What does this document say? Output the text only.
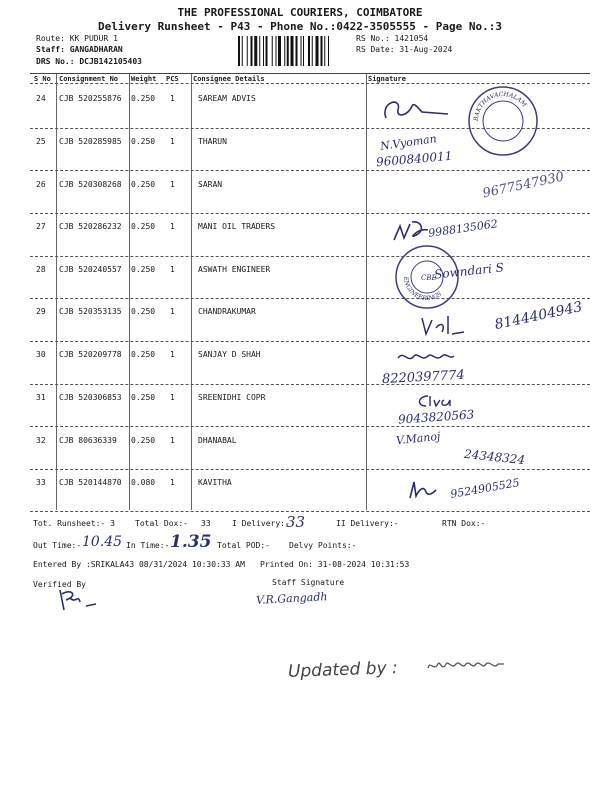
THE PROFESSIONAL COURIERS, COIMBATORE
Delivery Runsheet - P43 - Phone No.:0422-3505555 - Page No.:3
Route: KK PUDUR 1
Staff: GANGADHARAN
DRS No.: DCJB142105403
RS No.: 1421054
RS Date: 31-Aug-2024
S No Consignment No Weight PCS Consignee Details	Signature
24 CJB 520255876 0.250 1	SAREAM ADVIS
25 CJB 520285985 0.250 1	THARUN
26 CJB 520308268 0.250 1	SARAN
27 CJB 520286232 0.250 1	MANI OIL TRADERS
28 CJB 520240557 0.250 1	ASWATH ENGINEER
29 CJB 520353135 0.250 1	CHANDRAKUMAR
30 CJB 520209778 0.250 1	SANJAY D SHAH
31 CJB 520306853 0.250 1	SREENIDHI COPR
32 CJB 80636339 0.250 1	DHANABAL
33 CJB 520144870 0.080 1	KAVITHA
BAKTHAVACHALAM
CBE
ENGINEERINGS
N.Vyoman
9600840011
9677547930
9988135062
Sowndari S
8144404943
8220397774
9043820563
V.Manoj
24348324
9524905525
Tot. Runsheet:- 3	Total Dox:- 33	I Delivery:-
33	II Delivery:-	RTN Dox:-
Out Time:- 10.45 In Time:- 1.35 Total POD:- Delvy Points:-
Entered By :SRIKALA43 08/31/2024 10:30:33 AM Printed On: 31-08-2024 10:31:53
Verified By	Staff Signature
V.R.Gangadh
Updated by :
